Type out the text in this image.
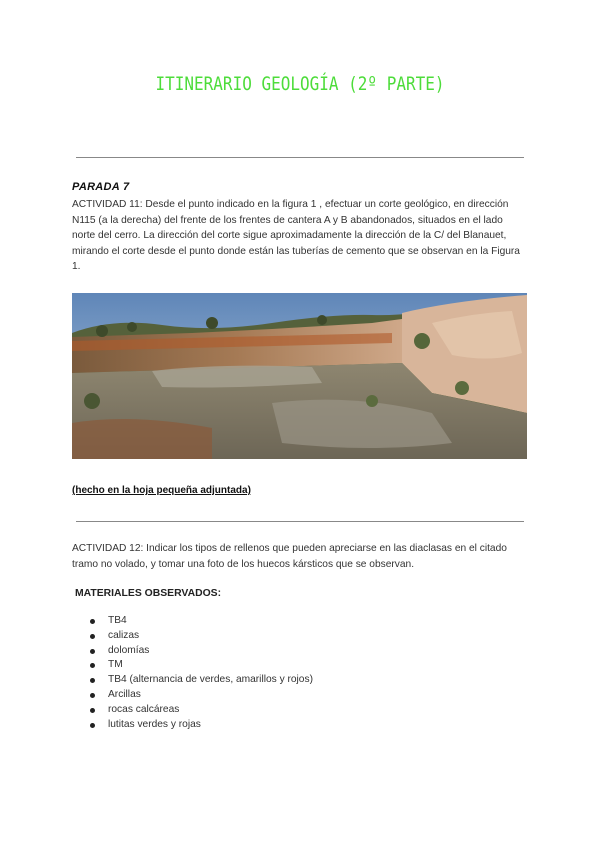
ITINERARIO GEOLOGÍA (2º PARTE)
PARADA 7
ACTIVIDAD 11: Desde el punto indicado en la figura 1 , efectuar un corte geológico, en dirección N115 (a la derecha) del frente de los frentes de cantera A y B abandonados, situados en el lado norte del cerro. La dirección del corte sigue aproximadamente la dirección de la C/ del Blanauet, mirando el corte desde el punto donde están las tuberías de cemento que se observan en la Figura 1.
(hecho en la hoja pequeña adjuntada)
ACTIVIDAD 12: Indicar los tipos de rellenos que pueden apreciarse en las diaclasas en el citado tramo no volado, y tomar una foto de los huecos kársticos que se observan.
MATERIALES OBSERVADOS:
TB4
calizas
dolomías
TM
TB4 (alternancia de verdes, amarillos y rojos)
Arcillas
rocas calcáreas
lutitas verdes y rojas
